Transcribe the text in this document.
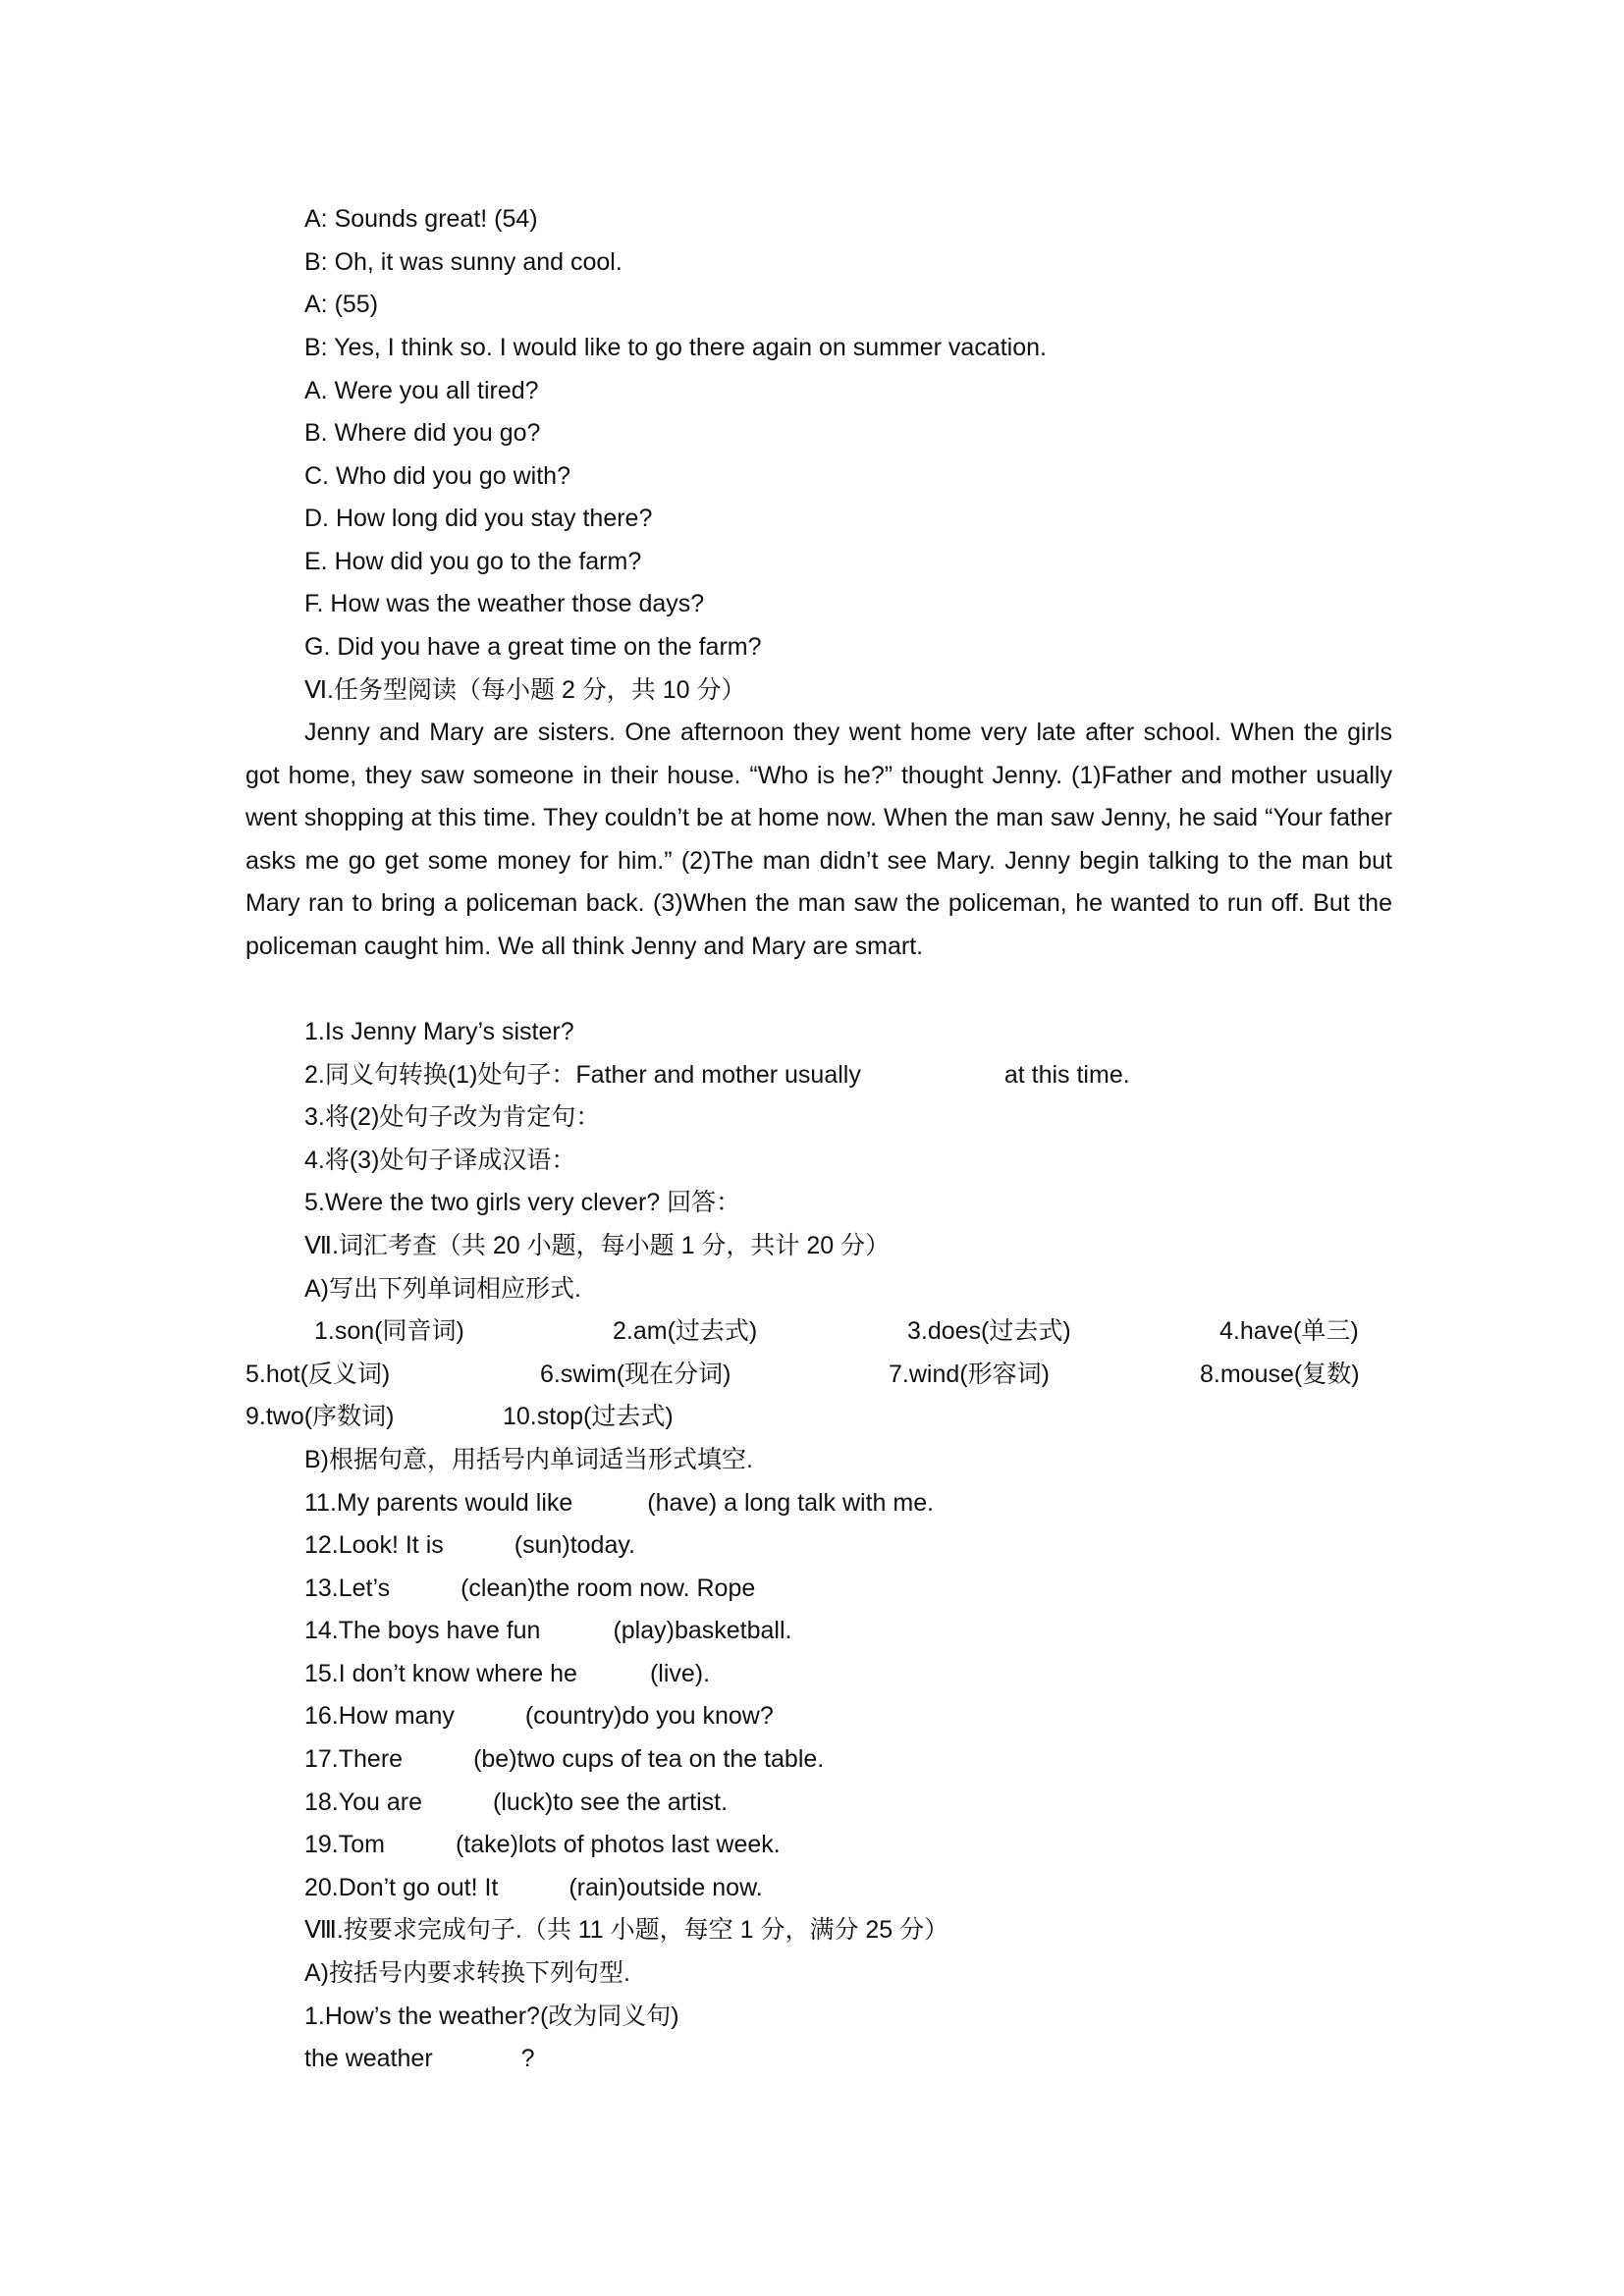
A: Sounds great! (54)
B: Oh, it was sunny and cool.
A: (55)
B: Yes, I think so. I would like to go there again on summer vacation.
A. Were you all tired?
B. Where did you go?
C. Who did you go with?
D. How long did you stay there?
E. How did you go to the farm?
F. How was the weather those days?
G. Did you have a great time on the farm?
Ⅵ.任务型阅读（每小题 2 分，共 10 分）
Jenny and Mary are sisters. One afternoon they went home very late after school. When the girls got home, they saw someone in their house. “Who is he?” thought Jenny. (1)Father and mother usually went shopping at this time. They couldn’t be at home now. When the man saw Jenny, he said “Your father asks me go get some money for him.” (2)The man didn’t see Mary. Jenny begin talking to the man but Mary ran to bring a policeman back. (3)When the man saw the policeman, he wanted to run off. But the policeman caught him. We all think Jenny and Mary are smart.
1.Is Jenny Mary’s sister?
2.同义句转换(1)处句子：Father and mother usually	at this time.
3.将(2)处句子改为肯定句：
4.将(3)处句子译成汉语：
5.Were the two girls very clever? 回答：
Ⅶ.词汇考查（共 20 小题，每小题 1 分，共计 20 分）
A)写出下列单词相应形式.
1.son(同音词)	2.am(过去式)	3.does(过去式)	4.have(单三)
5.hot(反义词)	6.swim(现在分词)	7.wind(形容词)	8.mouse(复数)
9.two(序数词)	10.stop(过去式)
B)根据句意，用括号内单词适当形式填空.
11.My parents would like	(have) a long talk with me.
12.Look! It is	(sun)today.
13.Let’s	(clean)the room now. Rope
14.The boys have fun	(play)basketball.
15.I don’t know where he	(live).
16.How many	(country)do you know?
17.There	(be)two cups of tea on the table.
18.You are	(luck)to see the artist.
19.Tom	(take)lots of photos last week.
20.Don’t go out! It	(rain)outside now.
Ⅷ.按要求完成句子.（共 11 小题，每空 1 分，满分 25 分）
A)按括号内要求转换下列句型.
1.How’s the weather?(改为同义句)
the weather	?
